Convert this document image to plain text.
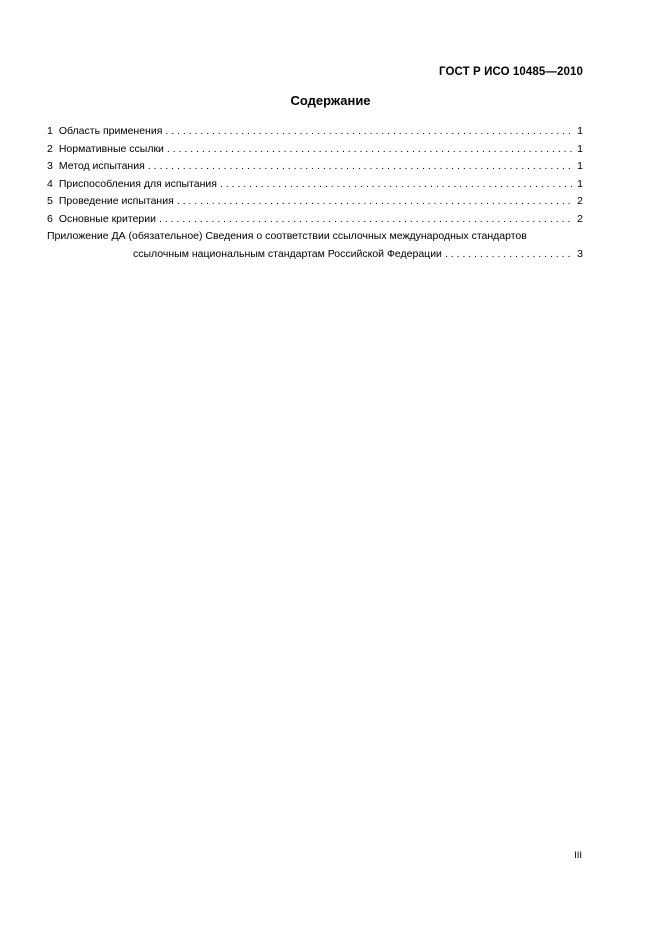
ГОСТ Р ИСО 10485—2010
Содержание
1 Область применения . . .	1
2 Нормативные ссылки . . .	1
3 Метод испытания . . .	1
4 Приспособления для испытания . . .	1
5 Проведение испытания . . .	2
6 Основные критерии . . .	2
Приложение ДА (обязательное) Сведения о соответствии ссылочных международных стандартов
ссылочным национальным стандартам Российской Федерации . . .	3
III
